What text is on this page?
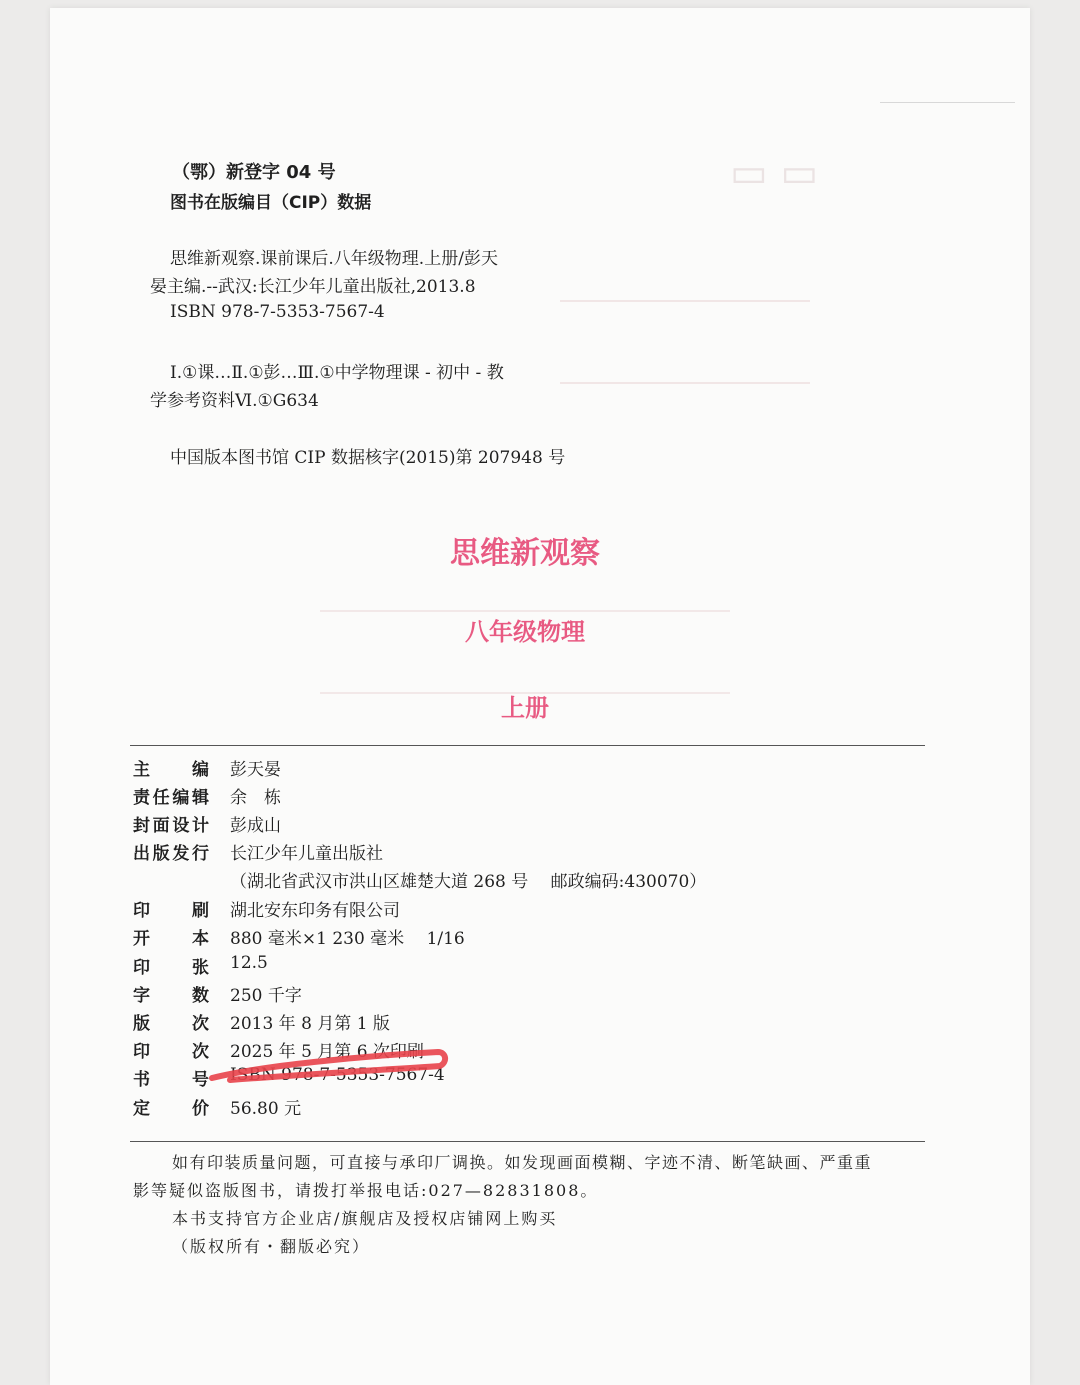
▭ ▭
（鄂）新登字 04 号
图书在版编目（CIP）数据
思维新观察.课前课后.八年级物理.上册/彭天
晏主编.--武汉:长江少年儿童出版社,2013.8
ISBN 978-7-5353-7567-4
Ⅰ.①课…Ⅱ.①彭…Ⅲ.①中学物理课 - 初中 - 教
学参考资料Ⅵ.①G634
中国版本图书馆 CIP 数据核字(2015)第 207948 号
思维新观察
八年级物理
上册
主 编 彭天晏
责 任 编 辑 余　栋
封 面 设 计 彭成山
出 版 发 行 长江少年儿童出版社
（湖北省武汉市洪山区雄楚大道 268 号　 邮政编码:430070）
印 刷 湖北安东印务有限公司
开 本 880 毫米×1 230 毫米　 1/16
印 张 12.5
字 数 250 千字
版 次 2013 年 8 月第 1 版
印 次 2025 年 5 月第 6 次印刷
书 号 ISBN 978-7-5353-7567-4
定 价 56.80 元
如有印装质量问题，可直接与承印厂调换。如发现画面模糊、字迹不清、断笔缺画、严重重
影等疑似盗版图书，请拨打举报电话:027—82831808。
本书支持官方企业店/旗舰店及授权店铺网上购买
（版权所有・翻版必究）
